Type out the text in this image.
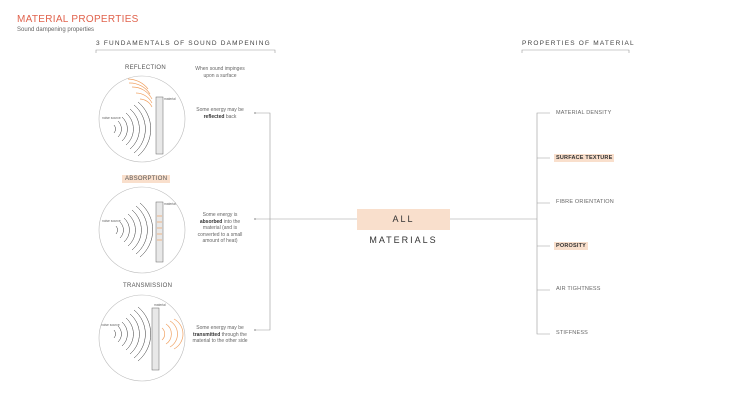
MATERIAL PROPERTIES
Sound dampening properties
3 FUNDAMENTALS OF SOUND DAMPENING	PROPERTIES OF MATERIAL
When sound impinges upon a surface
REFLECTION
ABSORPTION
TRANSMISSION
Some energy may be reflected back
Some energy is absorbed into the material (and is converted to a small amount of heat)
Some energy may be transmitted through the material to the other side
noise source
material
noise source
material
noise source
material
ALL MATERIALS
MATERIAL DENSITY
SURFACE TEXTURE
FIBRE ORIENTATION
POROSITY
AIR TIGHTNESS
STIFFNESS
